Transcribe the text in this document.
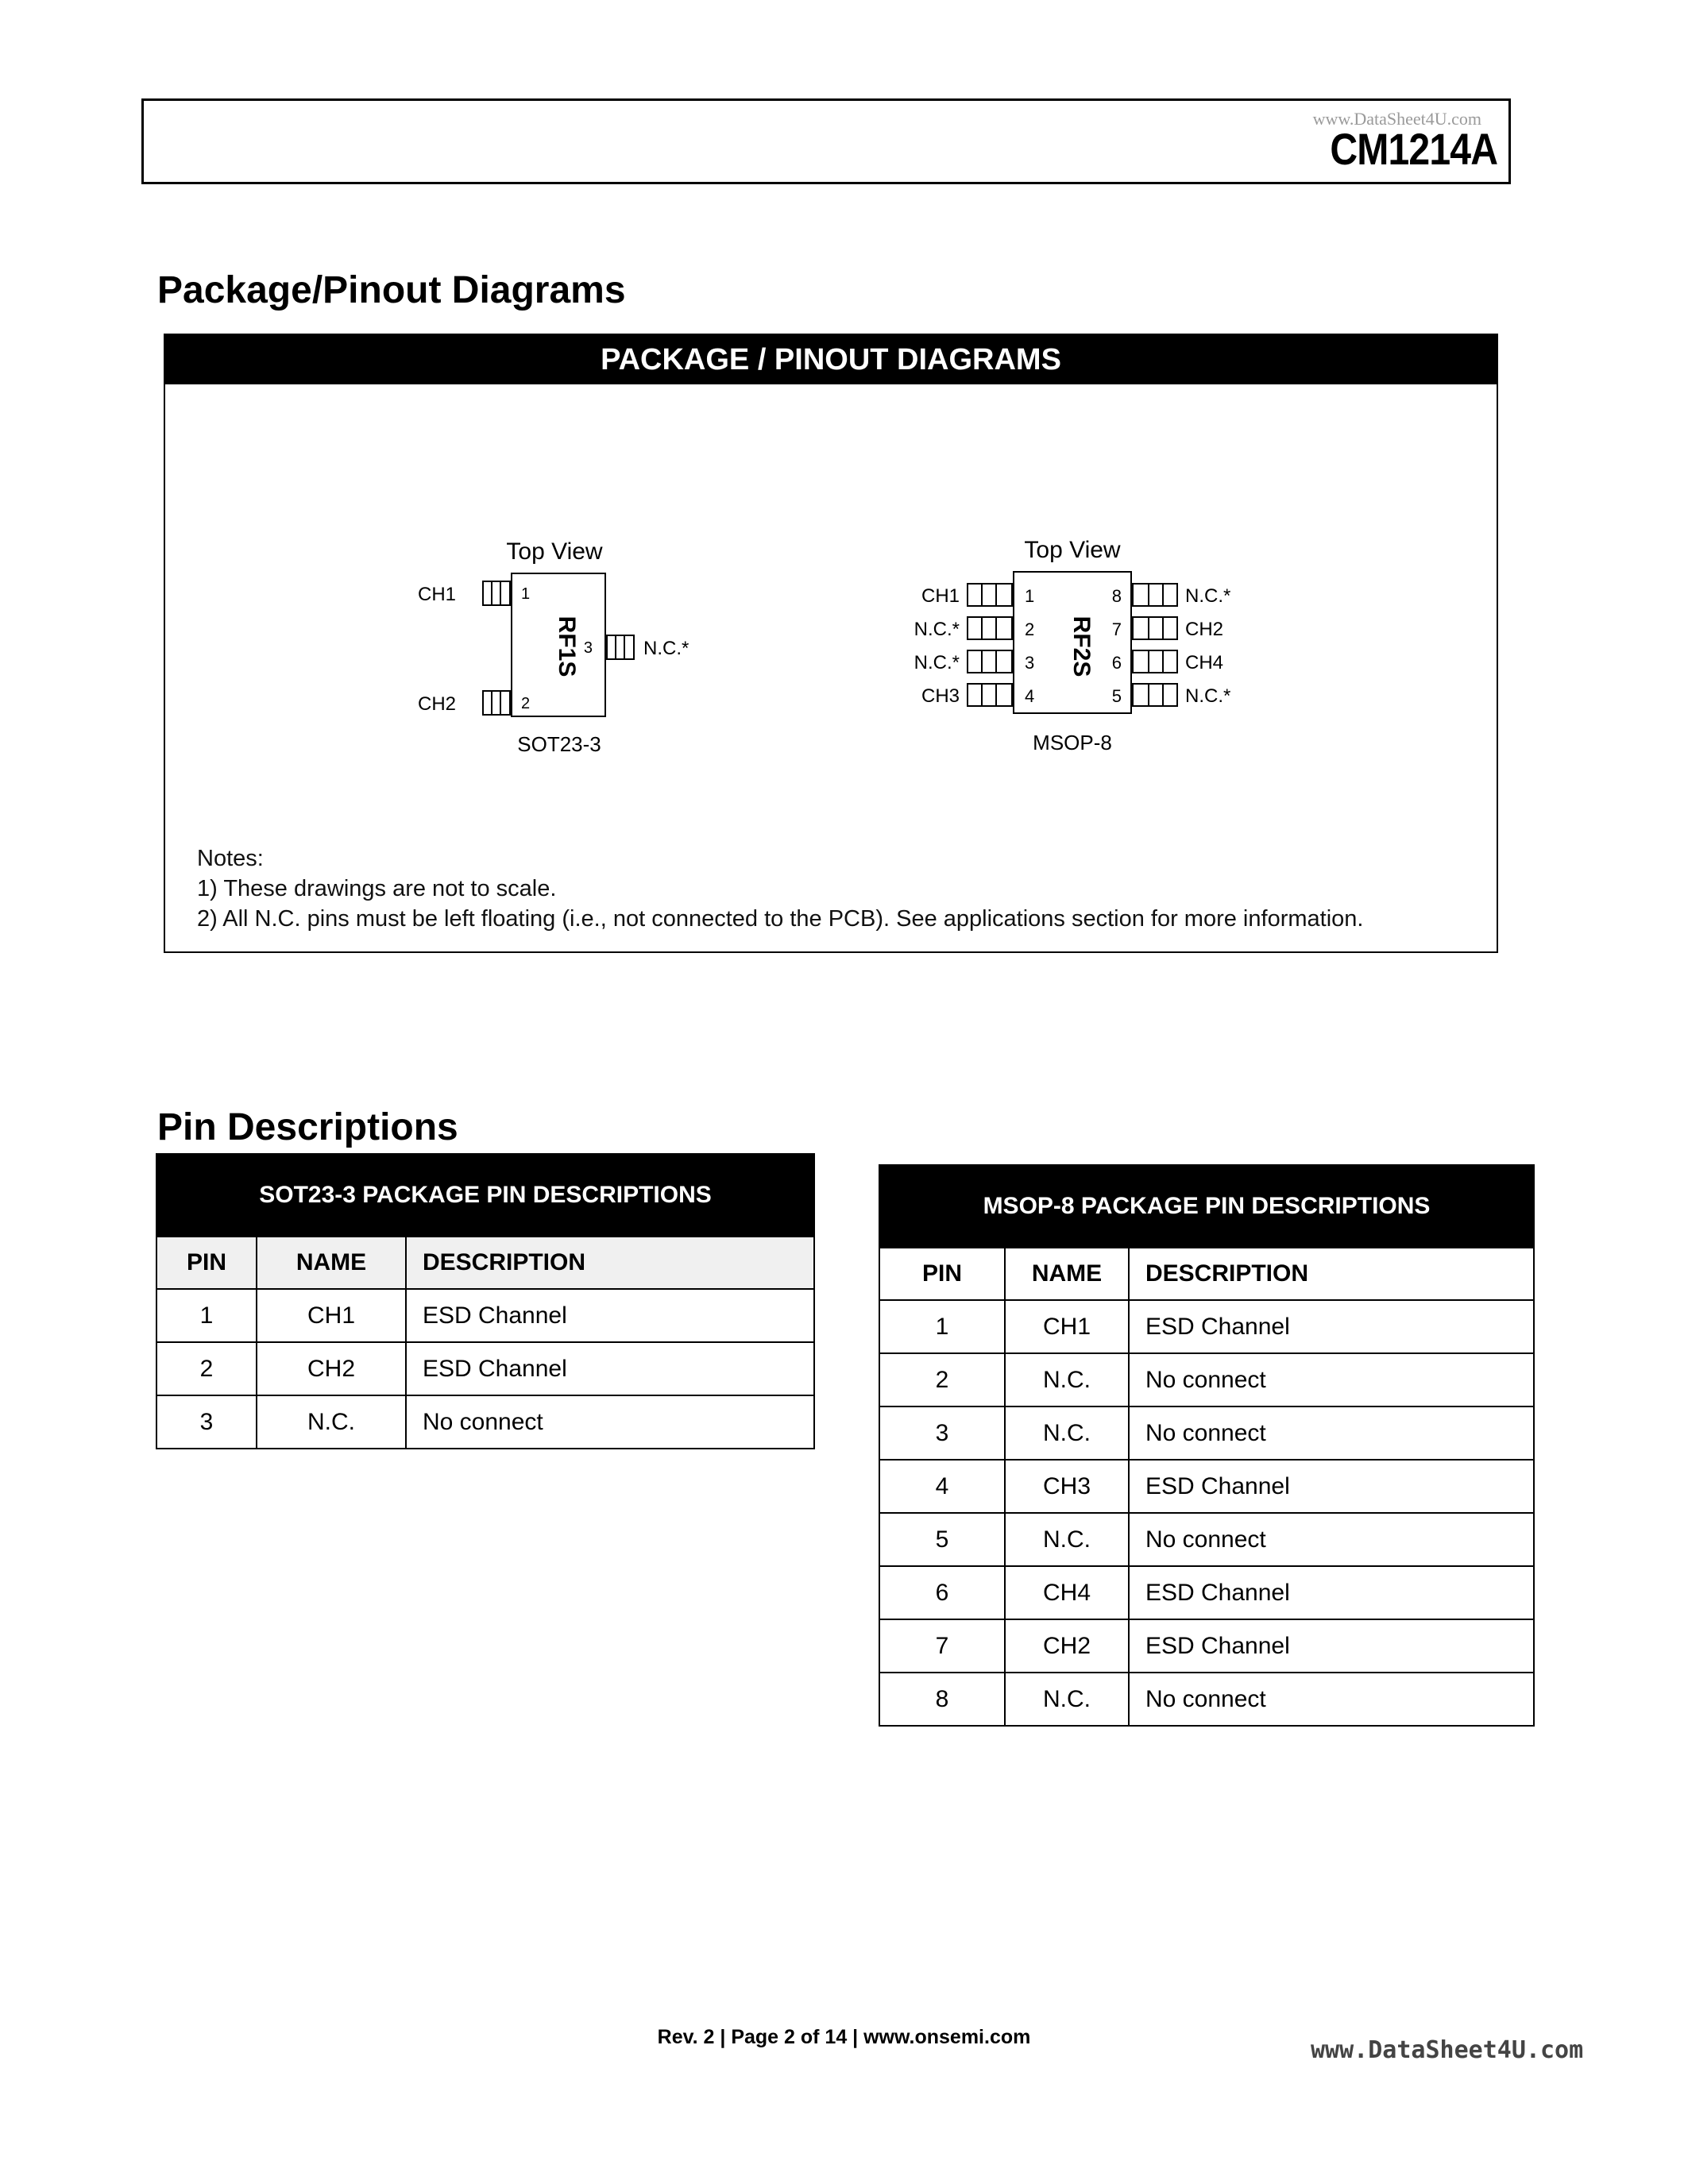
www.DataSheet4U.com
CM1214A
Package/Pinout Diagrams
PACKAGE / PINOUT DIAGRAMS
Top View
CH1	1
CH2	2
3	N.C.*
RF1S
SOT23-3
Top View
CH1
N.C.*
N.C.*
CH3
1
2
3
4
8
7
6
5
N.C.*
CH2
CH4
N.C.*
RF2S
MSOP-8
Notes:
1) These drawings are not to scale.
2) All N.C. pins must be left floating (i.e., not connected to the PCB). See applications section for more information.
Pin Descriptions
SOT23-3 PACKAGE PIN DESCRIPTIONS		
PIN	NAME	DESCRIPTION
1	CH1	ESD Channel
2	CH2	ESD Channel
3	N.C.	No connect
MSOP-8 PACKAGE PIN DESCRIPTIONS		
PIN	NAME	DESCRIPTION
1	CH1	ESD Channel
2	N.C.	No connect
3	N.C.	No connect
4	CH3	ESD Channel
5	N.C.	No connect
6	CH4	ESD Channel
7	CH2	ESD Channel
8	N.C.	No connect
Rev. 2 | Page 2 of 14 | www.onsemi.com	www.DataSheet4U.com
